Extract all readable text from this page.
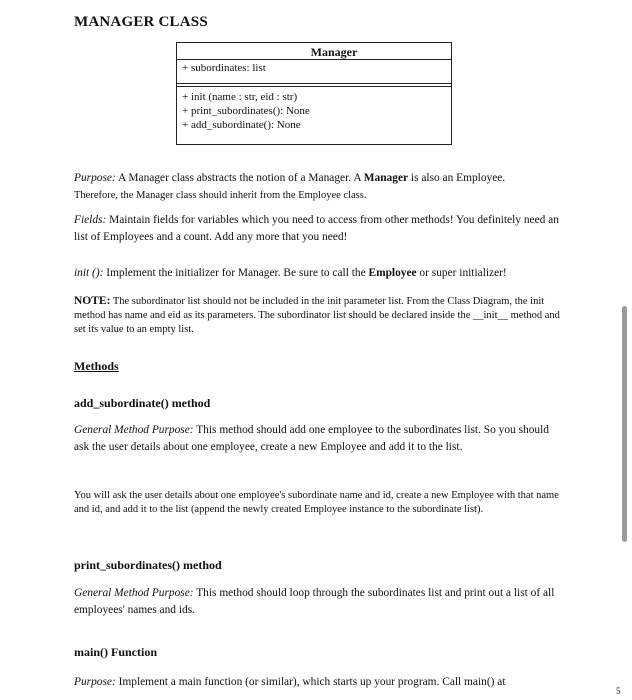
MANAGER CLASS
Manager
+ subordinates: list
+ init (name : str, eid : str)
+ print_subordinates(): None
+ add_subordinate(): None
Purpose: A Manager class abstracts the notion of a Manager. A Manager is also an Employee.
Therefore, the Manager class should inherit from the Employee class.
Fields: Maintain fields for variables which you need to access from other methods! You definitely need an list of Employees and a count. Add any more that you need!
init (): Implement the initializer for Manager. Be sure to call the Employee or super initializer!
NOTE: The subordinator list should not be included in the init parameter list. From the Class Diagram, the init method has name and eid as its parameters. The subordinator list should be declared inside the __init__ method and set its value to an empty list.
Methods
add_subordinate() method
General Method Purpose: This method should add one employee to the subordinates list. So you should ask the user details about one employee, create a new Employee and add it to the list.
You will ask the user details about one employee's subordinate name and id, create a new Employee with that name and id, and add it to the list (append the newly created Employee instance to the subordinate list).
print_subordinates() method
General Method Purpose: This method should loop through the subordinates list and print out a list of all employees' names and ids.
main() Function
Purpose: Implement a main function (or similar), which starts up your program. Call main() at
5
